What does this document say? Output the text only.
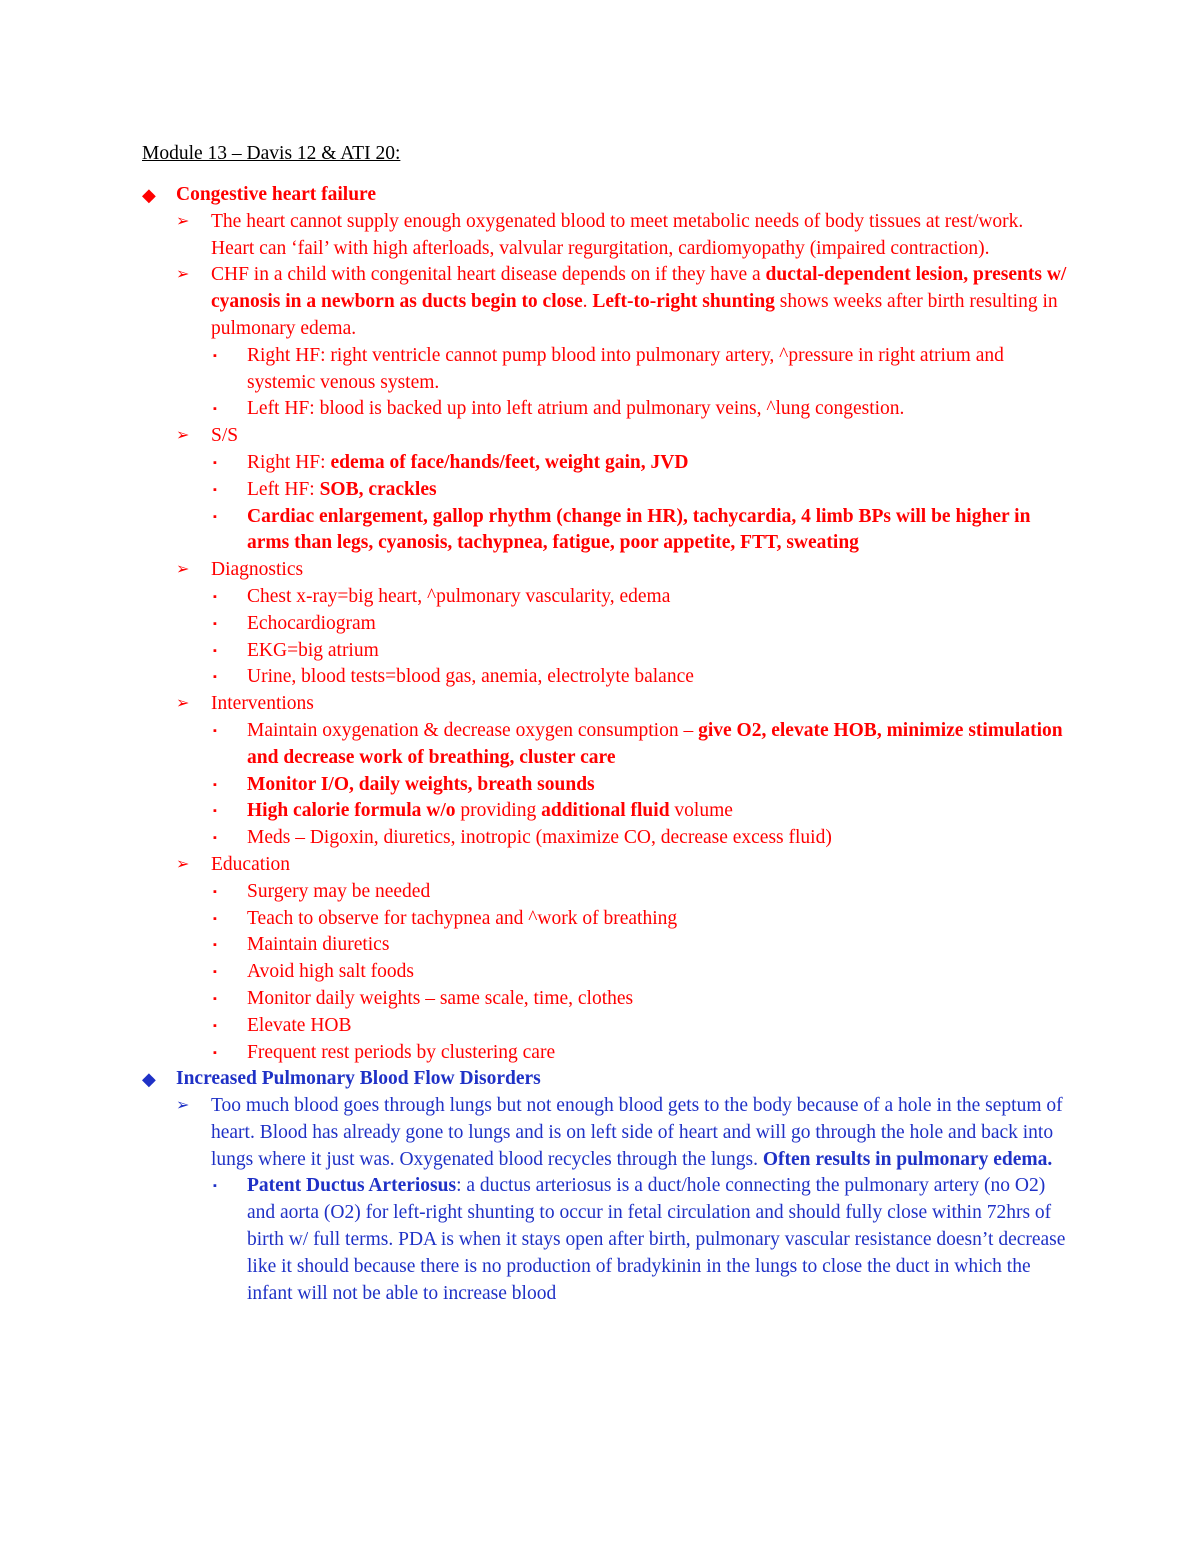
Module 13 – Davis 12 & ATI 20:
◆ Congestive heart failure
➢ The heart cannot supply enough oxygenated blood to meet metabolic needs of body tissues at rest/work. Heart can ‘fail’ with high afterloads, valvular regurgitation, cardiomyopathy (impaired contraction).
➢ CHF in a child with congenital heart disease depends on if they have a ductal-dependent lesion, presents w/ cyanosis in a newborn as ducts begin to close. Left-to-right shunting shows weeks after birth resulting in pulmonary edema.
▪ Right HF: right ventricle cannot pump blood into pulmonary artery, ^pressure in right atrium and systemic venous system.
▪ Left HF: blood is backed up into left atrium and pulmonary veins, ^lung congestion.
➢ S/S
▪ Right HF: edema of face/hands/feet, weight gain, JVD
▪ Left HF: SOB, crackles
▪ Cardiac enlargement, gallop rhythm (change in HR), tachycardia, 4 limb BPs will be higher in arms than legs, cyanosis, tachypnea, fatigue, poor appetite, FTT, sweating
➢ Diagnostics
▪ Chest x-ray=big heart, ^pulmonary vascularity, edema
▪ Echocardiogram
▪ EKG=big atrium
▪ Urine, blood tests=blood gas, anemia, electrolyte balance
➢ Interventions
▪ Maintain oxygenation & decrease oxygen consumption – give O2, elevate HOB, minimize stimulation and decrease work of breathing, cluster care
▪ Monitor I/O, daily weights, breath sounds
▪ High calorie formula w/o providing additional fluid volume
▪ Meds – Digoxin, diuretics, inotropic (maximize CO, decrease excess fluid)
➢ Education
▪ Surgery may be needed
▪ Teach to observe for tachypnea and ^work of breathing
▪ Maintain diuretics
▪ Avoid high salt foods
▪ Monitor daily weights – same scale, time, clothes
▪ Elevate HOB
▪ Frequent rest periods by clustering care
◆ Increased Pulmonary Blood Flow Disorders
➢ Too much blood goes through lungs but not enough blood gets to the body because of a hole in the septum of heart. Blood has already gone to lungs and is on left side of heart and will go through the hole and back into lungs where it just was. Oxygenated blood recycles through the lungs. Often results in pulmonary edema.
▪ Patent Ductus Arteriosus: a ductus arteriosus is a duct/hole connecting the pulmonary artery (no O2) and aorta (O2) for left-right shunting to occur in fetal circulation and should fully close within 72hrs of birth w/ full terms. PDA is when it stays open after birth, pulmonary vascular resistance doesn’t decrease like it should because there is no production of bradykinin in the lungs to close the duct in which the infant will not be able to increase blood
